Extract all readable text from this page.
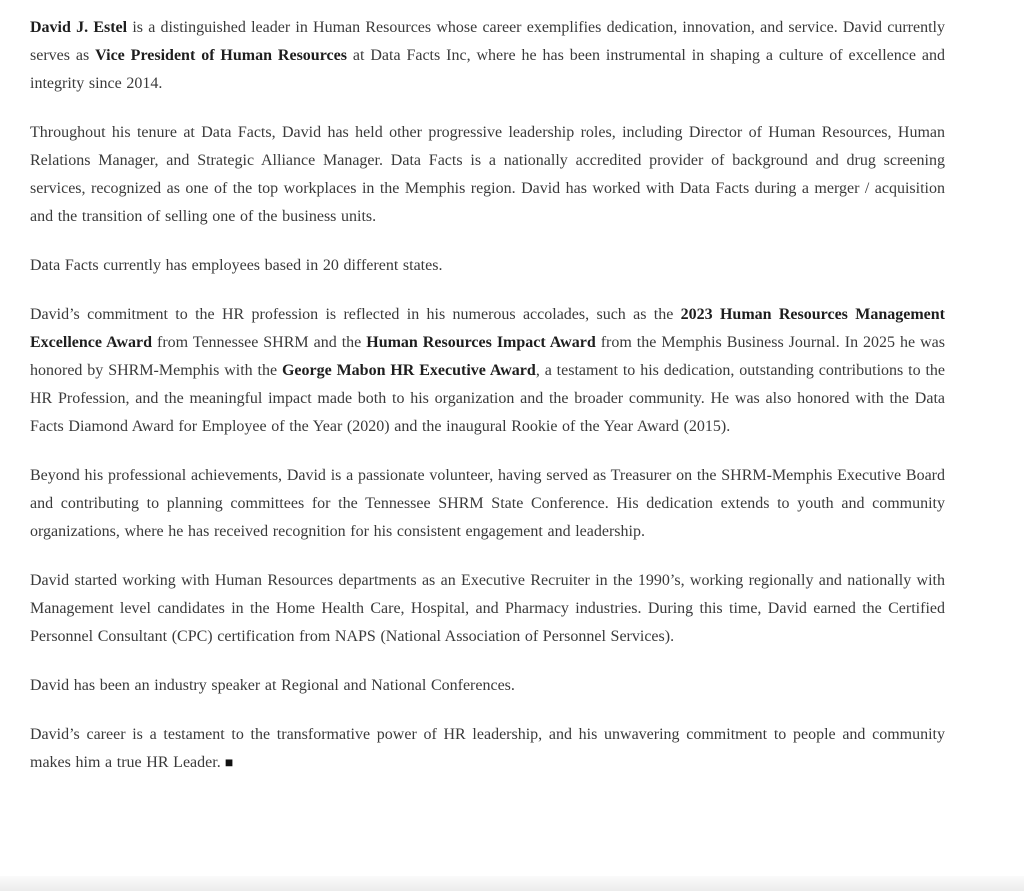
David J. Estel is a distinguished leader in Human Resources whose career exemplifies dedication, innovation, and service. David currently serves as Vice President of Human Resources at Data Facts Inc, where he has been instrumental in shaping a culture of excellence and integrity since 2014.

Throughout his tenure at Data Facts, David has held other progressive leadership roles, including Director of Human Resources, Human Relations Manager, and Strategic Alliance Manager. Data Facts is a nationally accredited provider of background and drug screening services, recognized as one of the top workplaces in the Memphis region. David has worked with Data Facts during a merger / acquisition and the transition of selling one of the business units.

Data Facts currently has employees based in 20 different states.

David’s commitment to the HR profession is reflected in his numerous accolades, such as the 2023 Human Resources Management Excellence Award from Tennessee SHRM and the Human Resources Impact Award from the Memphis Business Journal. In 2025 he was honored by SHRM-Memphis with the George Mabon HR Executive Award, a testament to his dedication, outstanding contributions to the HR Profession, and the meaningful impact made both to his organization and the broader community. He was also honored with the Data Facts Diamond Award for Employee of the Year (2020) and the inaugural Rookie of the Year Award (2015).

Beyond his professional achievements, David is a passionate volunteer, having served as Treasurer on the SHRM-Memphis Executive Board and contributing to planning committees for the Tennessee SHRM State Conference. His dedication extends to youth and community organizations, where he has received recognition for his consistent engagement and leadership.

David started working with Human Resources departments as an Executive Recruiter in the 1990’s, working regionally and nationally with Management level candidates in the Home Health Care, Hospital, and Pharmacy industries. During this time, David earned the Certified Personnel Consultant (CPC) certification from NAPS (National Association of Personnel Services).

David has been an industry speaker at Regional and National Conferences.

David’s career is a testament to the transformative power of HR leadership, and his unwavering commitment to people and community makes him a true HR Leader. ■
